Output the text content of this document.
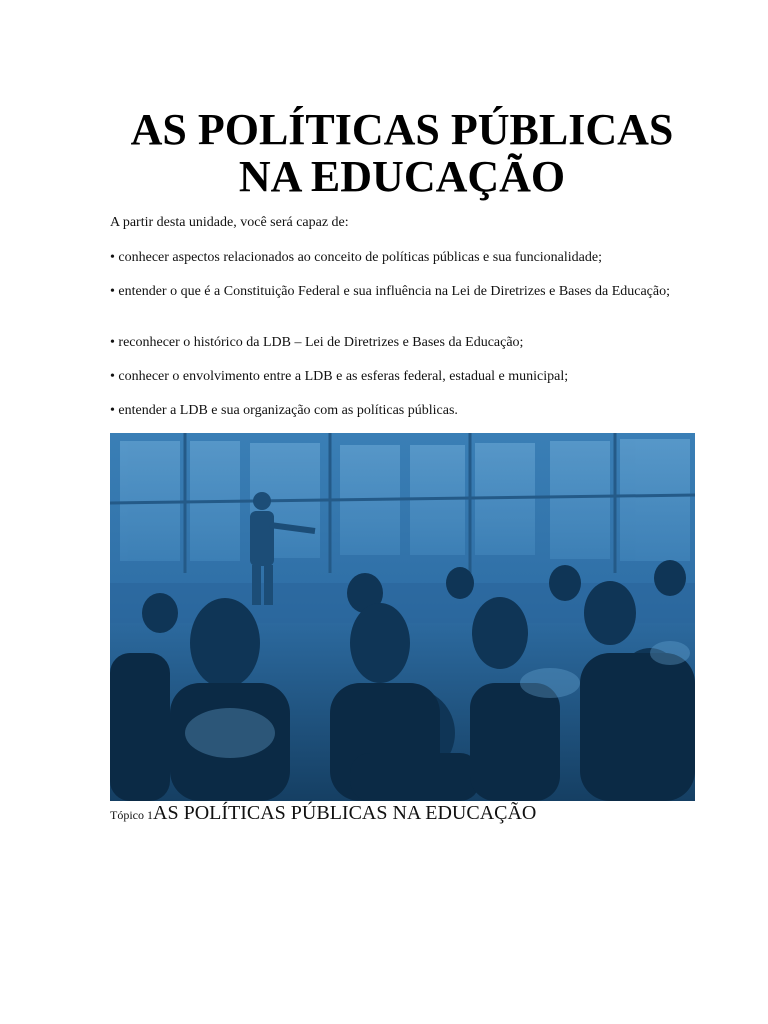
AS POLÍTICAS PÚBLICAS
NA EDUCAÇÃO
A partir desta unidade, você será capaz de:
• conhecer aspectos relacionados ao conceito de políticas públicas e sua funcionalidade;
• entender o que é a Constituição Federal e sua influência na Lei de Diretrizes e Bases da Educação;
• reconhecer o histórico da LDB – Lei de Diretrizes e Bases da Educação;
• conhecer o envolvimento entre a LDB e as esferas federal, estadual e municipal;
• entender a LDB e sua organização com as políticas públicas.
Tópico 1AS POLÍTICAS PÚBLICAS NA EDUCAÇÃO
